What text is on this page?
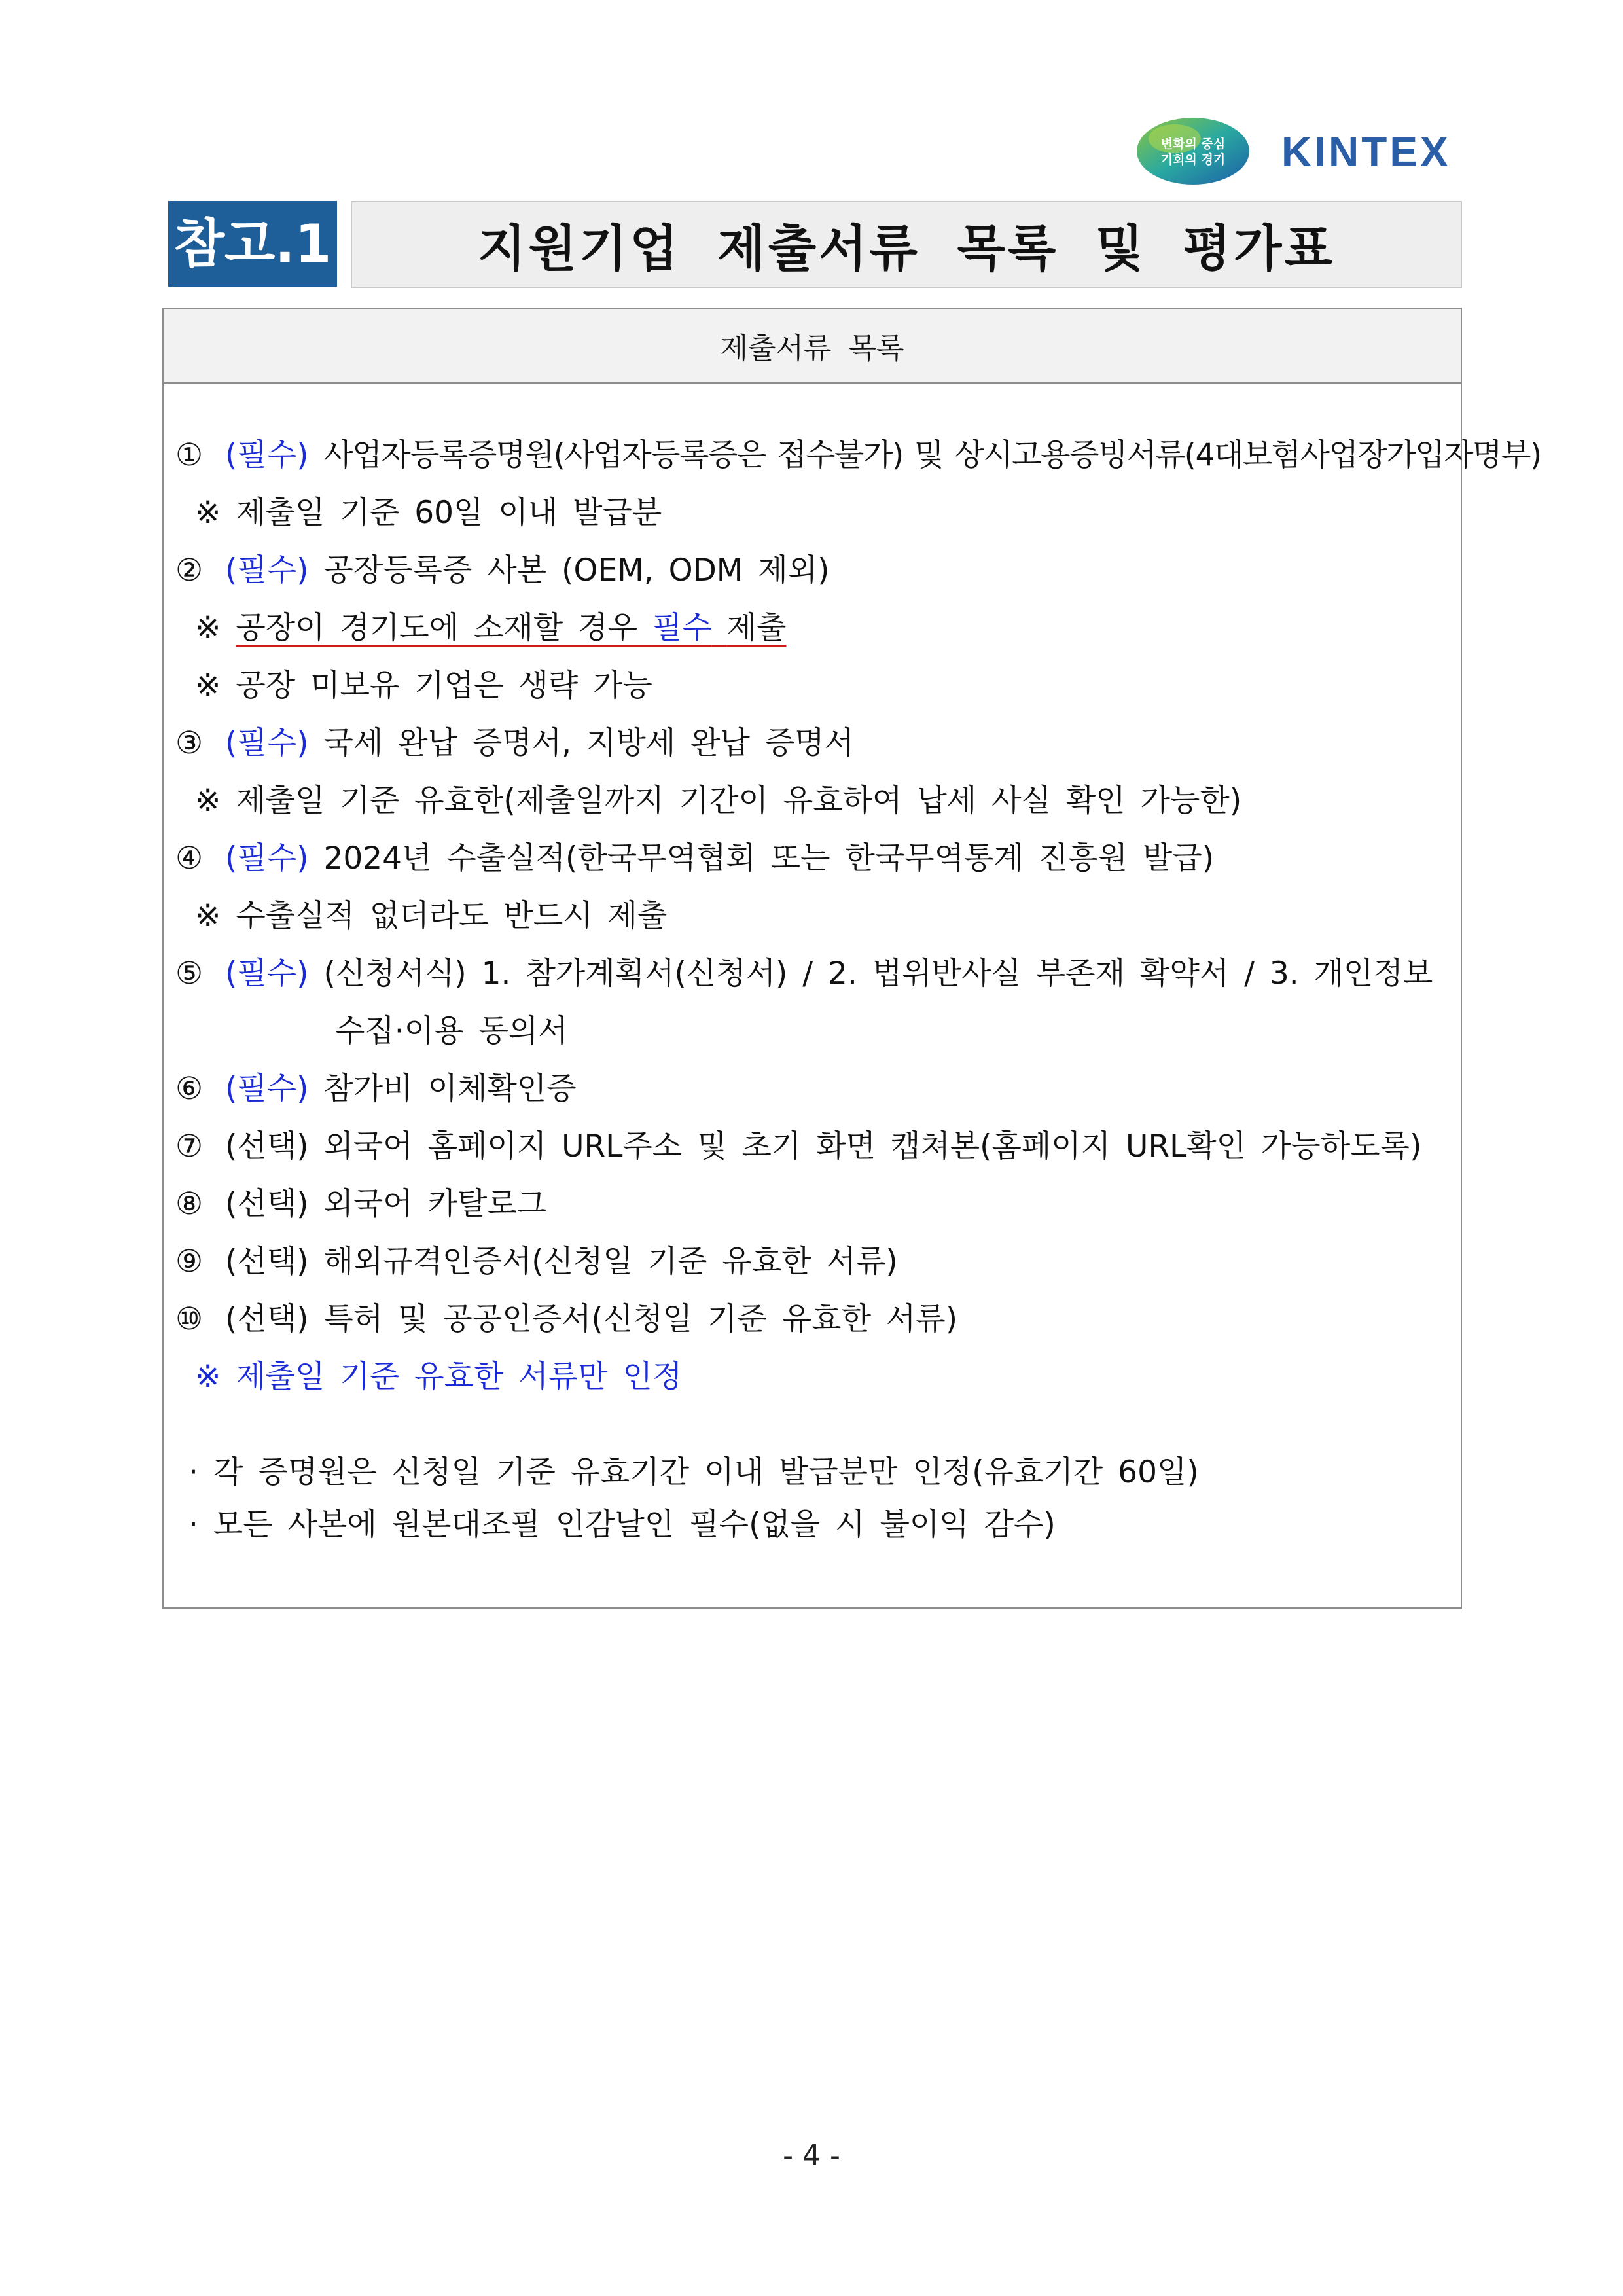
변화의 중심
기회의 경기 KINTEX
참고.1	지원기업 제출서류 목록 및 평가표
제출서류 목록
① (필수) 사업자등록증명원(사업자등록증은 접수불가) 및 상시고용증빙서류(4대보험사업장가입자명부)
※ 제출일 기준 60일 이내 발급분
② (필수) 공장등록증 사본 (OEM, ODM 제외)
※ 공장이 경기도에 소재할 경우 필수 제출
※ 공장 미보유 기업은 생략 가능
③ (필수) 국세 완납 증명서, 지방세 완납 증명서
※ 제출일 기준 유효한(제출일까지 기간이 유효하여 납세 사실 확인 가능한)
④ (필수) 2024년 수출실적(한국무역협회 또는 한국무역통계 진흥원 발급)
※ 수출실적 없더라도 반드시 제출
⑤ (필수) (신청서식) 1. 참가계획서(신청서) / 2. 법위반사실 부존재 확약서 / 3. 개인정보
수집·이용 동의서
⑥ (필수) 참가비 이체확인증
⑦ (선택) 외국어 홈페이지 URL주소 및 초기 화면 캡쳐본(홈페이지 URL확인 가능하도록)
⑧ (선택) 외국어 카탈로그
⑨ (선택) 해외규격인증서(신청일 기준 유효한 서류)
⑩ (선택) 특허 및 공공인증서(신청일 기준 유효한 서류)
※ 제출일 기준 유효한 서류만 인정
· 각 증명원은 신청일 기준 유효기간 이내 발급분만 인정(유효기간 60일)
· 모든 사본에 원본대조필 인감날인 필수(없을 시 불이익 감수)
- 4 -
